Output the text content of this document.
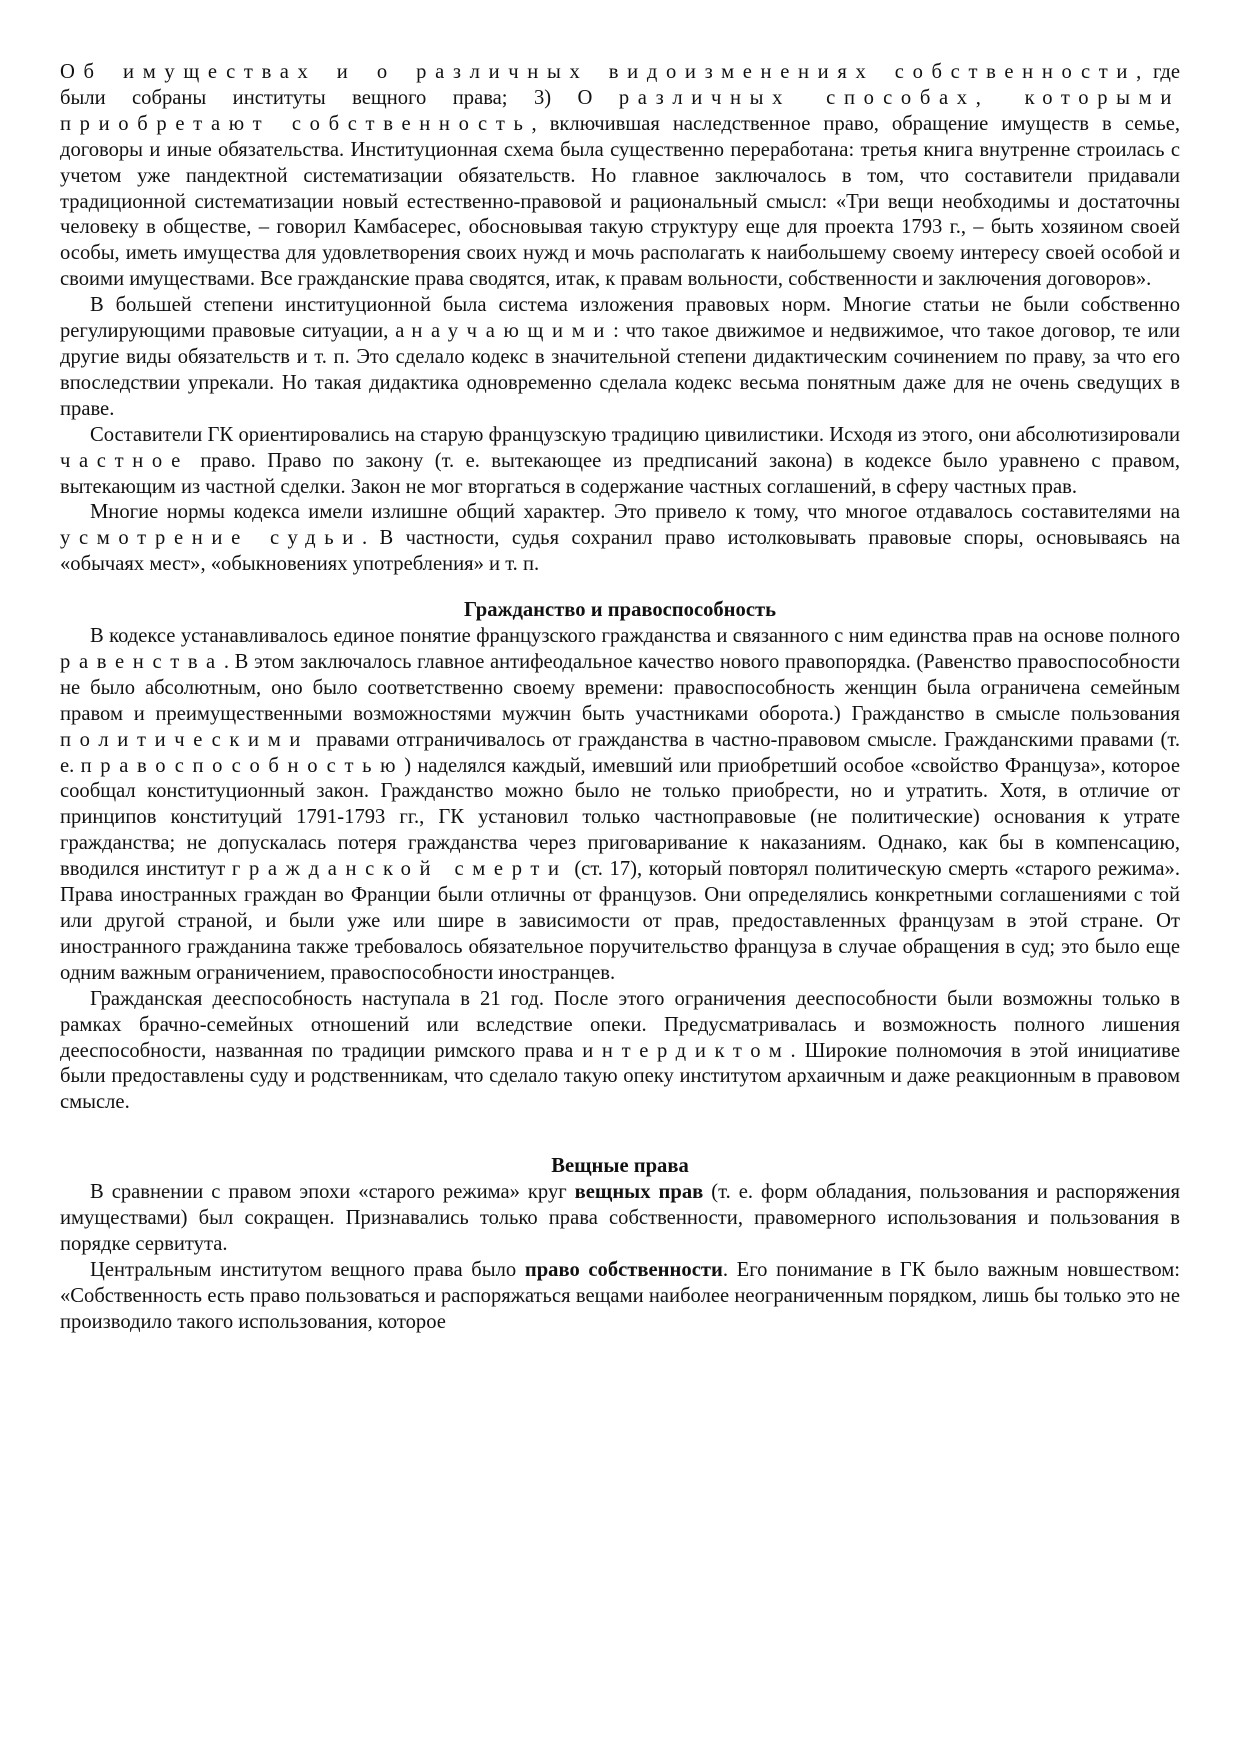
Об имуществах и о различных видоизменениях собственности, где были собраны институты вещного права; 3) О различных способах, которыми приобретают собственность, включившая наследственное право, обращение имуществ в семье, договоры и иные обязательства. Институционная схема была существенно переработана: третья книга внутренне строилась с учетом уже пандектной систематизации обязательств. Но главное заключалось в том, что составители придавали традиционной систематизации новый естественно-правовой и рациональный смысл: «Три вещи необходимы и достаточны человеку в обществе, – говорил Камбасерес, обосновывая такую структуру еще для проекта 1793 г., – быть хозяином своей особы, иметь имущества для удовлетворения своих нужд и мочь располагать к наибольшему своему интересу своей особой и своими имуществами. Все гражданские права сводятся, итак, к правам вольности, собственности и заключения договоров».

В большей степени институционной была система изложения правовых норм. Многие статьи не были собственно регулирующими правовые ситуации, а научающими: что такое движимое и недвижимое, что такое договор, те или другие виды обязательств и т. п. Это сделало кодекс в значительной степени дидактическим сочинением по праву, за что его впоследствии упрекали. Но такая дидактика одновременно сделала кодекс весьма понятным даже для не очень сведущих в праве.

Составители ГК ориентировались на старую французскую традицию цивилистики. Исходя из этого, они абсолютизировали частное право. Право по закону (т. е. вытекающее из предписаний закона) в кодексе было уравнено с правом, вытекающим из частной сделки. Закон не мог вторгаться в содержание частных соглашений, в сферу частных прав.

Многие нормы кодекса имели излишне общий характер. Это привело к тому, что многое отдавалось составителями на усмотрение судьи. В частности, судья сохранил право истолковывать правовые споры, основываясь на «обычаях мест», «обыкновениях употребления» и т. п.

Гражданство и правоспособность

В кодексе устанавливалось единое понятие французского гражданства и связанного с ним единства прав на основе полного равенства. В этом заключалось главное антифеодальное качество нового правопорядка. (Равенство правоспособности не было абсолютным, оно было соответственно своему времени: правоспособность женщин была ограничена семейным правом и преимущественными возможностями мужчин быть участниками оборота.) Гражданство в смысле пользования политическими правами отграничивалось от гражданства в частно-правовом смысле. Гражданскими правами (т. е. правоспособностью) наделялся каждый, имевший или приобретший особое «свойство Француза», которое сообщал конституционный закон. Гражданство можно было не только приобрести, но и утратить. Хотя, в отличие от принципов конституций 1791-1793 гг., ГК установил только частноправовые (не политические) основания к утрате гражданства; не допускалась потеря гражданства через приговаривание к наказаниям. Однако, как бы в компенсацию, вводился институт гражданской смерти (ст. 17), который повторял политическую смерть «старого режима». Права иностранных граждан во Франции были отличны от французов. Они определялись конкретными соглашениями с той или другой страной, и были уже или шире в зависимости от прав, предоставленных французам в этой стране. От иностранного гражданина также требовалось обязательное поручительство француза в случае обращения в суд; это было еще одним важным ограничением, правоспособности иностранцев.

Гражданская дееспособность наступала в 21 год. После этого ограничения дееспособности были возможны только в рамках брачно-семейных отношений или вследствие опеки. Предусматривалась и возможность полного лишения дееспособности, названная по традиции римского права интердиктом. Широкие полномочия в этой инициативе были предоставлены суду и родственникам, что сделало такую опеку институтом архаичным и даже реакционным в правовом смысле.

Вещные права

В сравнении с правом эпохи «старого режима» круг вещных прав (т. е. форм обладания, пользования и распоряжения имуществами) был сокращен. Признавались только права собственности, правомерного использования и пользования в порядке сервитута.

Центральным институтом вещного права было право собственности. Его понимание в ГК было важным новшеством: «Собственность есть право пользоваться и распоряжаться вещами наиболее неограниченным порядком, лишь бы только это не производило такого использования, которое
